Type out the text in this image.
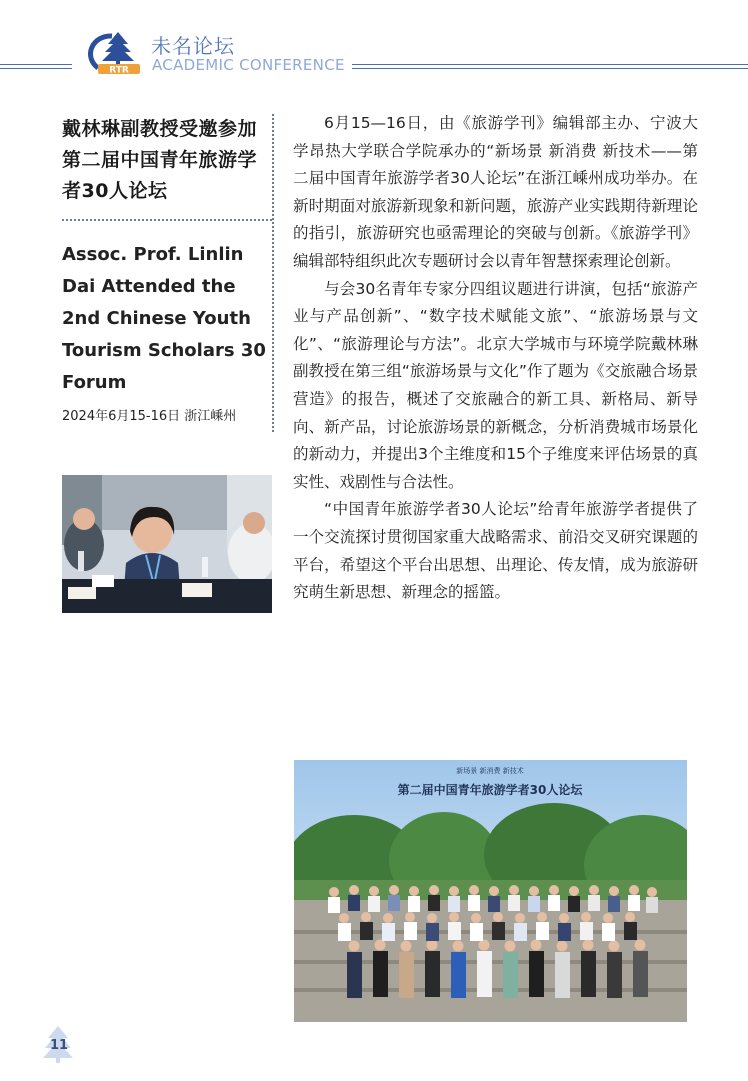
RTR
未名论坛
ACADEMIC CONFERENCE
戴林琳副教授受邀参加第二届中国青年旅游学者30人论坛
Assoc. Prof. Linlin Dai Attended the 2nd Chinese Youth Tourism Scholars 30 Forum
2024年6月15-16日 浙江嵊州

6月15—16日，由《旅游学刊》编辑部主办、宁波大学昂热大学联合学院承办的“新场景 新消费 新技术——第二届中国青年旅游学者30人论坛”在浙江嵊州成功举办。在新时期面对旅游新现象和新问题，旅游产业实践期待新理论的指引，旅游研究也亟需理论的突破与创新。《旅游学刊》编辑部特组织此次专题研讨会以青年智慧探索理论创新。

与会30名青年专家分四组议题进行讲演，包括“旅游产业与产品创新”、“数字技术赋能文旅”、“旅游场景与文化”、“旅游理论与方法”。北京大学城市与环境学院戴林琳副教授在第三组“旅游场景与文化”作了题为《交旅融合场景营造》的报告，概述了交旅融合的新工具、新格局、新导向、新产品，讨论旅游场景的新概念，分析消费城市场景化的新动力，并提出3个主维度和15个子维度来评估场景的真实性、戏剧性与合法性。

“中国青年旅游学者30人论坛”给青年旅游学者提供了一个交流探讨贯彻国家重大战略需求、前沿交叉研究课题的平台，希望这个平台出思想、出理论、传友情，成为旅游研究萌生新思想、新理念的摇篮。

新场景 新消费 新技术
第二届中国青年旅游学者30人论坛
11
